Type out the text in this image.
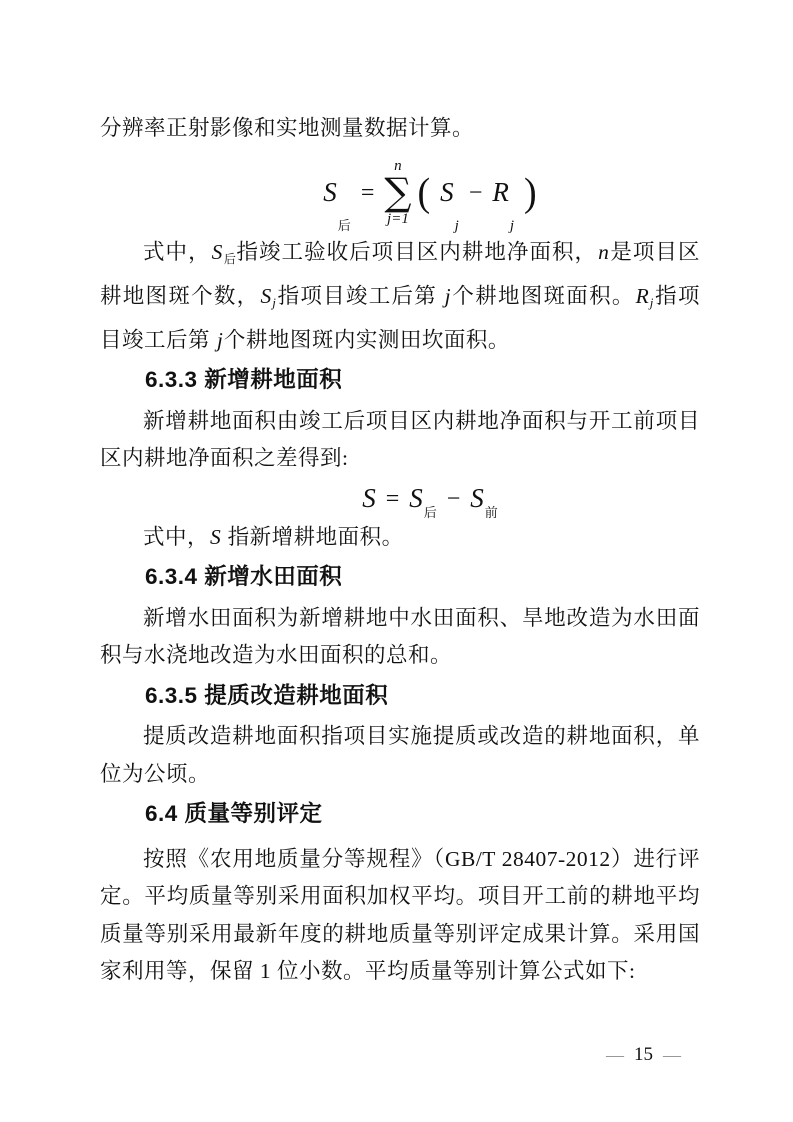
分辨率正射影像和实地测量数据计算。

S
后
=
n
∑
j=1
( S
j
− R
j
)

式中，S后指竣工验收后项目区内耕地净面积，n是项目区耕地图斑个数，Sj指项目竣工后第 j个耕地图斑面积。Rj指项目竣工后第 j个耕地图斑内实测田坎面积。

6.3.3 新增耕地面积

新增耕地面积由竣工后项目区内耕地净面积与开工前项目区内耕地净面积之差得到:

S = S 后
− S 前

式中，S 指新增耕地面积。

6.3.4 新增水田面积

新增水田面积为新增耕地中水田面积、旱地改造为水田面积与水浇地改造为水田面积的总和。

6.3.5 提质改造耕地面积

提质改造耕地面积指项目实施提质或改造的耕地面积，单位为公顷。

6.4 质量等别评定

按照《农用地质量分等规程》（GB/T 28407-2012）进行评定。平均质量等别采用面积加权平均。项目开工前的耕地平均质量等别采用最新年度的耕地质量等别评定成果计算。采用国家利用等，保留 1 位小数。平均质量等别计算公式如下:

— 15 —
